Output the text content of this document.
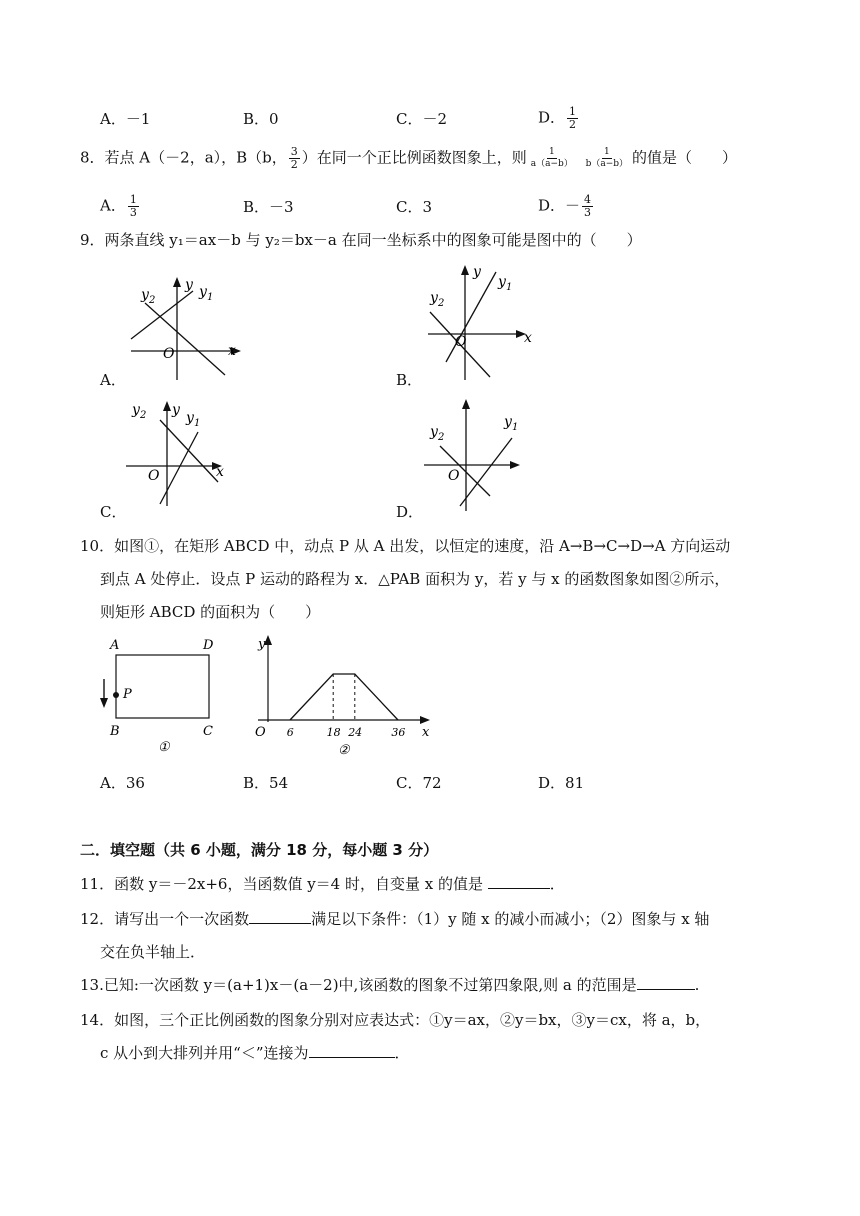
A．－1	B．0	C．－2	D． $\frac{1}{2}$
8．若点 A（－2，a），B（b， $\frac{3}{2}$ ）在同一个正比例函数图象上，则 $\frac{1}{a(a-b)}$
$\frac{1}{b(a-b)}$ 的值是（　　）
A． $\frac{1}{3}$	B．－3	C．3	D．－ $\frac{4}{3}$
9．两条直线 y₁＝ax－b 与 y₂＝bx－a 在同一坐标系中的图象可能是图中的（　　）
y
x
O
y 2
y 1
A．
y
x
O
y 2
y 1
B．
y
x
O
y 2	y 1
C．
y 2
y 1
O
D．
10．如图①，在矩形 ABCD 中，动点 P 从 A 出发，以恒定的速度，沿 A→B→C→D→A 方向运动
到点 A 处停止．设点 P 运动的路程为 x．△PAB 面积为 y，若 y 与 x 的函数图象如图②所示，
则矩形 ABCD 的面积为（　　）
A	D
B	C
P
①
y
x
O 6	18 24	36
②
A．36	B．54	C．72	D．81
二．填空题（共 6 小题，满分 18 分，每小题 3 分）
11．函数 y＝－2x+6，当函数值 y＝4 时，自变量 x 的值是	．
12．请写出一个一次函数	满足以下条件：（1）y 随 x 的减小而减小；（2）图象与 x 轴
交在负半轴上．
13.已知:一次函数 y＝(a+1)x－(a－2)中,该函数的图象不过第四象限,则 a 的范围是	.
14．如图，三个正比例函数的图象分别对应表达式：①y＝ax，②y＝bx，③y＝cx，将 a，b，
c 从小到大排列并用“＜”连接为	．
